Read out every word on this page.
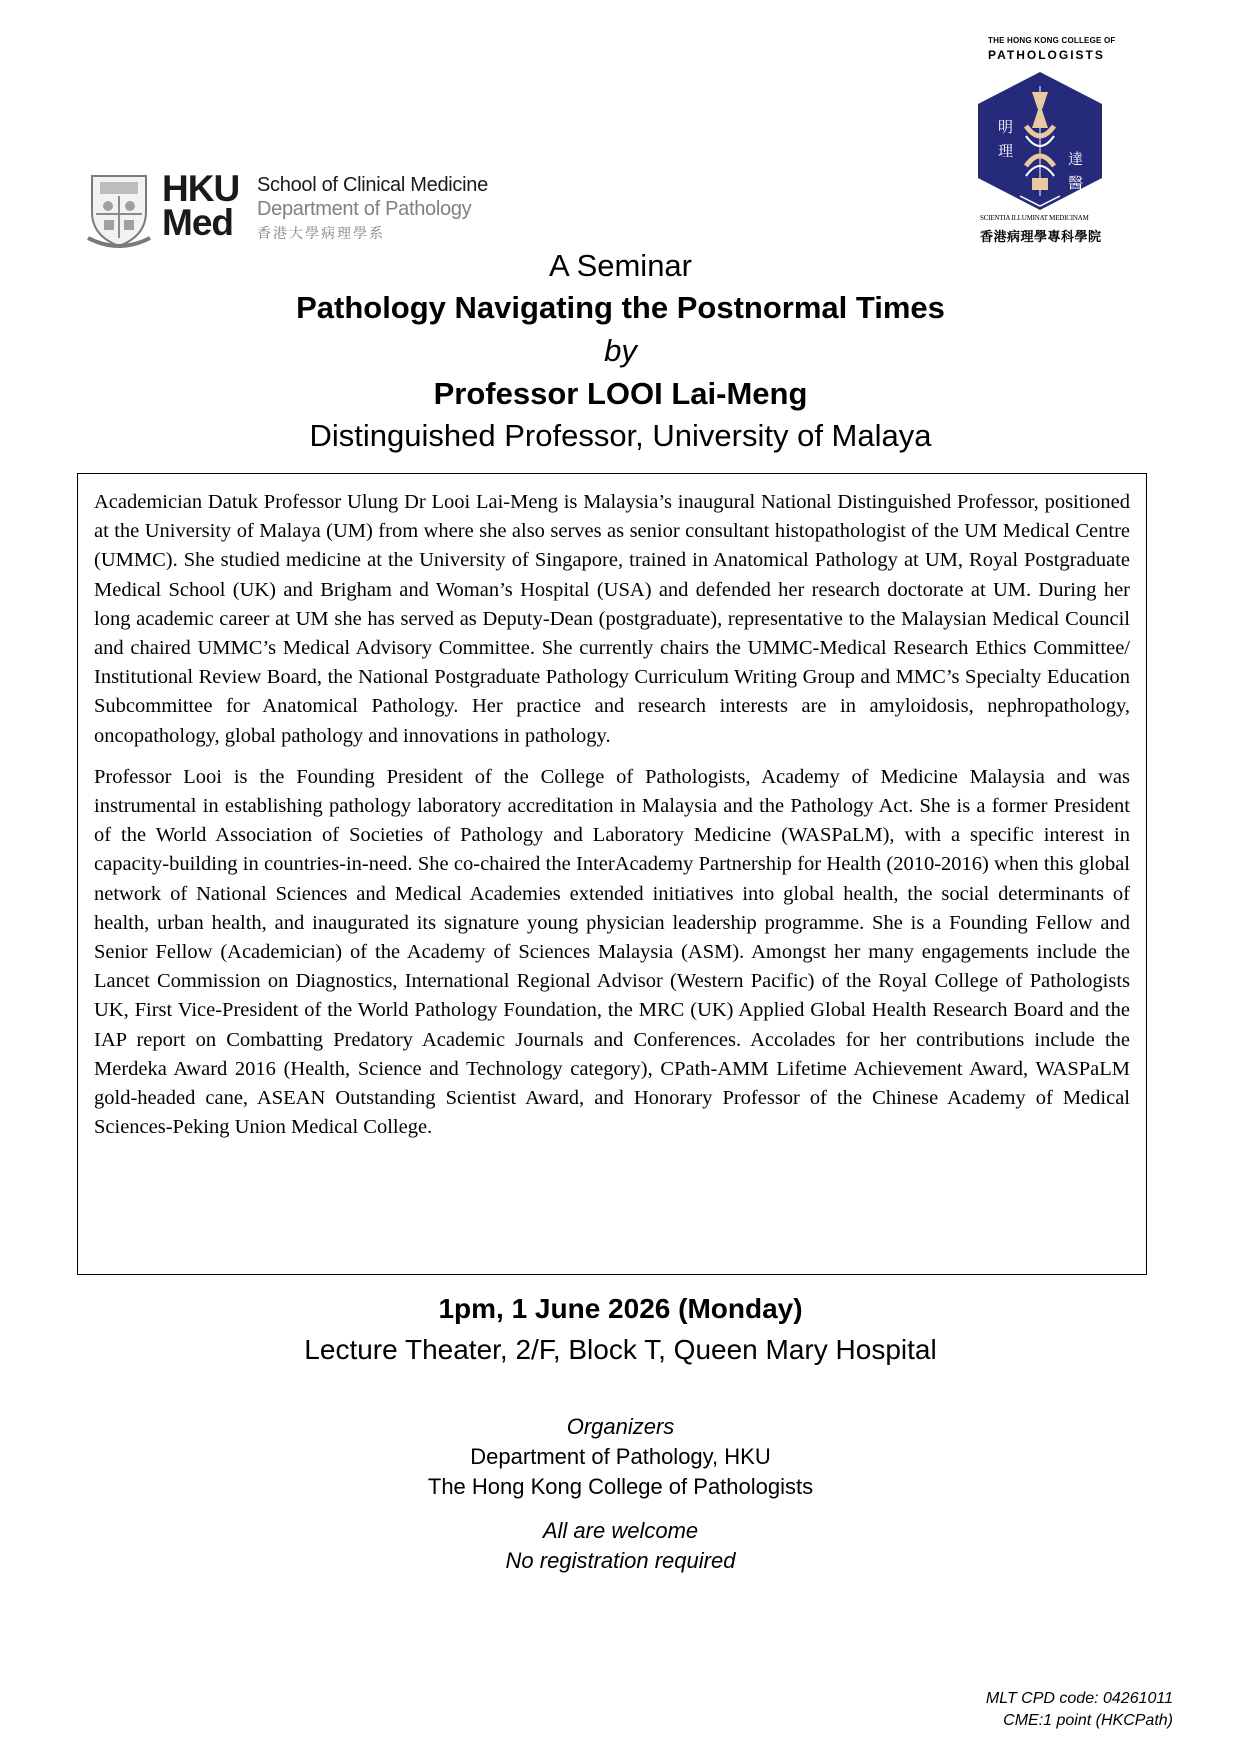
HKU
Med
School of Clinical Medicine
Department of Pathology
香港大學病理學系
THE HONG KONG COLLEGE OF
PATHOLOGISTS
明
理	達
醫
SCIENTIA ILLUMINAT MEDICINAM
香港病理學專科學院
A Seminar
Pathology Navigating the Postnormal Times
by
Professor LOOI Lai-Meng
Distinguished Professor, University of Malaya

Academician Datuk Professor Ulung Dr Looi Lai-Meng is Malaysia’s inaugural National Distinguished Professor, positioned at the University of Malaya (UM) from where she also serves as senior consultant histopathologist of the UM Medical Centre (UMMC). She studied medicine at the University of Singapore, trained in Anatomical Pathology at UM, Royal Postgraduate Medical School (UK) and Brigham and Woman’s Hospital (USA) and defended her research doctorate at UM. During her long academic career at UM she has served as Deputy-Dean (postgraduate), representative to the Malaysian Medical Council and chaired UMMC’s Medical Advisory Committee. She currently chairs the UMMC-Medical Research Ethics Committee/ Institutional Review Board, the National Postgraduate Pathology Curriculum Writing Group and MMC’s Specialty Education Subcommittee for Anatomical Pathology. Her practice and research interests are in amyloidosis, nephropathology, oncopathology, global pathology and innovations in pathology.

Professor Looi is the Founding President of the College of Pathologists, Academy of Medicine Malaysia and was instrumental in establishing pathology laboratory accreditation in Malaysia and the Pathology Act. She is a former President of the World Association of Societies of Pathology and Laboratory Medicine (WASPaLM), with a specific interest in capacity-building in countries-in-need. She co-chaired the InterAcademy Partnership for Health (2010-2016) when this global network of National Sciences and Medical Academies extended initiatives into global health, the social determinants of health, urban health, and inaugurated its signature young physician leadership programme. She is a Founding Fellow and Senior Fellow (Academician) of the Academy of Sciences Malaysia (ASM). Amongst her many engagements include the Lancet Commission on Diagnostics, International Regional Advisor (Western Pacific) of the Royal College of Pathologists UK, First Vice-President of the World Pathology Foundation, the MRC (UK) Applied Global Health Research Board and the IAP report on Combatting Predatory Academic Journals and Conferences. Accolades for her contributions include the Merdeka Award 2016 (Health, Science and Technology category), CPath-AMM Lifetime Achievement Award, WASPaLM gold-headed cane, ASEAN Outstanding Scientist Award, and Honorary Professor of the Chinese Academy of Medical Sciences-Peking Union Medical College.

1pm, 1 June 2026 (Monday)
Lecture Theater, 2/F, Block T, Queen Mary Hospital
Organizers
Department of Pathology, HKU
The Hong Kong College of Pathologists
All are welcome
No registration required
MLT CPD code: 04261011
CME:1 point (HKCPath)
